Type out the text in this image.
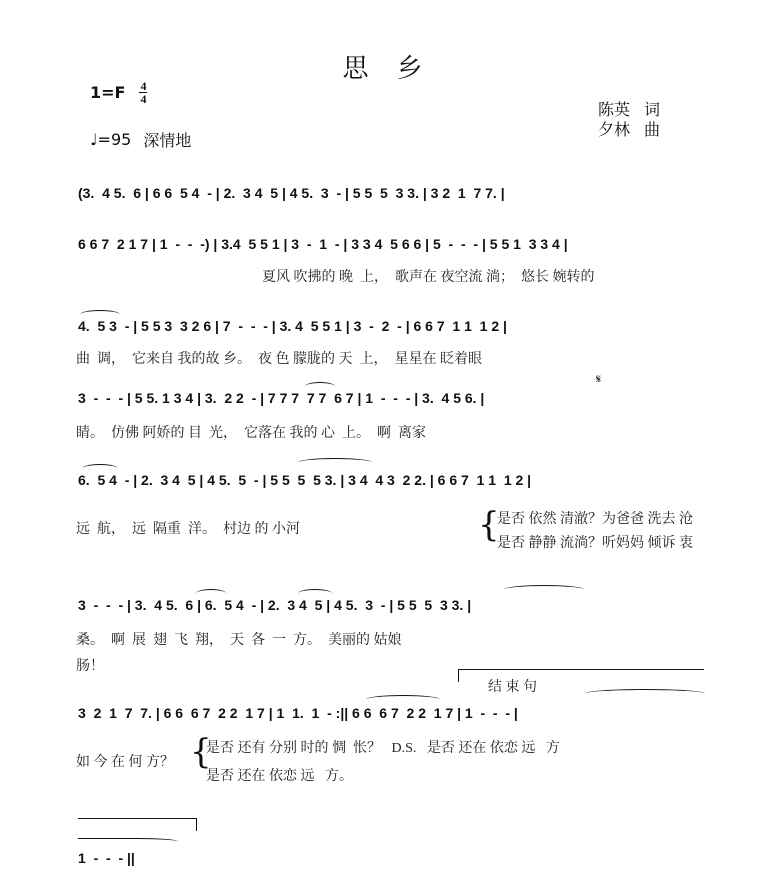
思乡
$1=F \frac{4}{4}$
♩=95 深情地
陈英 词
夕林 曲
(3.  4 5.  6 | 6 6  5 4  - | 2.  3 4  5 | 4 5.  3  - | 5 5  5  3 3. | 3 2  1  7 7. |
6 6 7  2 1 7 | 1  -  -  -) | 3.4  5 5 1 | 3  -  1  - | 3 3 4  5 6 6 | 5  -  -  - | 5 5 1  3 3 4 |
夏风 吹拂的 晚  上，  歌声在 夜空流 淌；  悠长 婉转的
4.  5 3  - | 5 5 3  3 2 6 | 7  -  -  - | 3. 4  5 5 1 | 3  -  2  - | 6 6 7  1 1  1 2 |
曲  调，  它来自 我的故 乡。  夜 色 朦胧的 天  上，  星星在 眨着眼
𝄋
3  -  -  - | 5 5. 1 3 4 | 3.  2 2  - | 7 7 7  7 7  6 7 | 1  -  -  - | 3.  4 5 6. |
睛。  仿佛 阿娇的 目  光，  它落在 我的 心  上。  啊  离家
6.  5 4  - | 2.  3 4  5 | 4 5.  5  - | 5 5  5  5 3. | 3 4  4 3  2 2. | 6 6 7  1 1  1 2 |
远  航，  远  隔重  洋。  村边 的 小河	{
是否 依然 清澈？为爸爸 洗去 沧
是否 静静 流淌？听妈妈 倾诉 衷
3  -  -  - | 3.  4 5.  6 | 6.  5 4  - | 2.  3 4  5 | 4 5.  3  - | 5 5  5  3 3. |
桑。  啊  展  翅  飞  翔，  天  各  一  方。  美丽的 姑娘
肠！
结 束 句
3  2  1  7  7. | 6 6  6 7  2 2  1 7 | 1  1.  1  - :|| 6 6  6 7  2 2  1 7 | 1  -  -  - |
如 今 在 何 方？ {
是否 还有 分别 时的 惆  怅？   D.S.   是否 还在 依恋 远   方
是否 还在 依恋 远   方。
1  -  -  - ||
